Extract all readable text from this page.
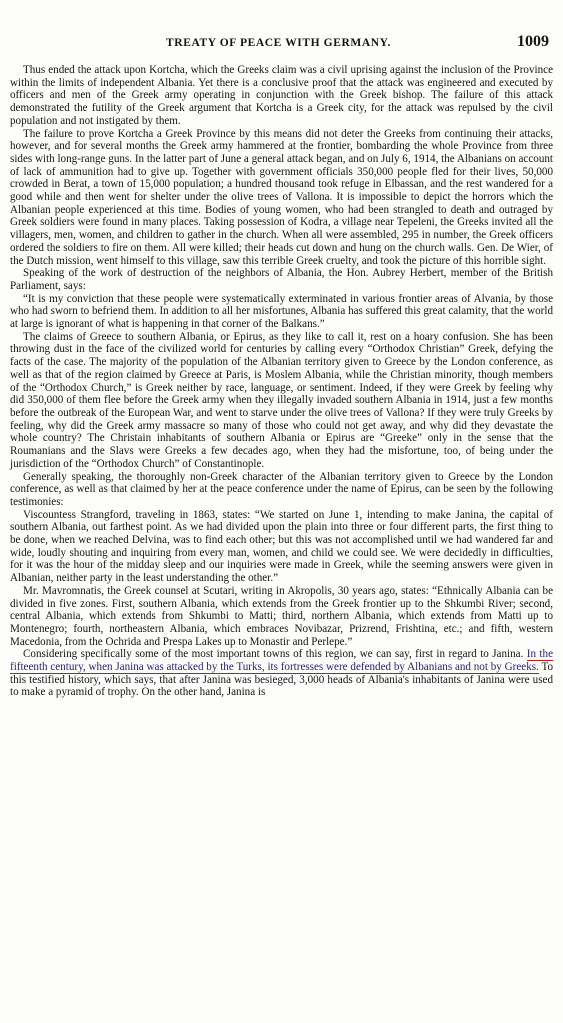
TREATY OF PEACE WITH GERMANY.	1009

Thus ended the attack upon Kortcha, which the Greeks claim was a civil uprising against the inclusion of the Province within the limits of independent Albania. Yet there is a conclusive proof that the attack was engineered and executed by officers and men of the Greek army operating in conjunction with the Greek bishop. The failure of this attack demonstrated the futility of the Greek argument that Kortcha is a Greek city, for the attack was repulsed by the civil population and not instigated by them.

The failure to prove Kortcha a Greek Province by this means did not deter the Greeks from continuing their attacks, however, and for several months the Greek army hammered at the frontier, bombarding the whole Province from three sides with long-range guns. In the latter part of June a general attack began, and on July 6, 1914, the Albanians on account of lack of ammunition had to give up. Together with government officials 350,000 people fled for their lives, 50,000 crowded in Berat, a town of 15,000 population; a hundred thousand took refuge in Elbassan, and the rest wandered for a good while and then went for shelter under the olive trees of Vallona. It is impossible to depict the horrors which the Albanian people experienced at this time. Bodies of young women, who had been strangled to death and outraged by Greek soldiers were found in many places. Taking possession of Kodra, a village near Tepeleni, the Greeks invited all the villagers, men, women, and children to gather in the church. When all were assembled, 295 in number, the Greek officers ordered the soldiers to fire on them. All were killed; their heads cut down and hung on the church walls. Gen. De Wier, of the Dutch mission, went himself to this village, saw this terrible Greek cruelty, and took the picture of this horrible sight.

Speaking of the work of destruction of the neighbors of Albania, the Hon. Aubrey Herbert, member of the British Parliament, says:

“It is my conviction that these people were systematically exterminated in various frontier areas of Alvania, by those who had sworn to befriend them. In addition to all her misfortunes, Albania has suffered this great calamity, that the world at large is ignorant of what is happening in that corner of the Balkans.”

The claims of Greece to southern Albania, or Epirus, as they like to call it, rest on a hoary confusion. She has been throwing dust in the face of the civilized world for centuries by calling every “Orthodox Christian” Greek, defying the facts of the case. The majority of the population of the Albanian territory given to Greece by the London conference, as well as that of the region claimed by Greece at Paris, is Moslem Albania, while the Christian minority, though members of the “Orthodox Church,” is Greek neither by race, language, or sentiment. Indeed, if they were Greek by feeling why did 350,000 of them flee before the Greek army when they illegally invaded southern Albania in 1914, just a few months before the outbreak of the European War, and went to starve under the olive trees of Vallona? If they were truly Greeks by feeling, why did the Greek army massacre so many of those who could not get away, and why did they devastate the whole country? The Christain inhabitants of southern Albania or Epirus are “Greeke” only in the sense that the Roumanians and the Slavs were Greeks a few decades ago, when they had the misfortune, too, of being under the jurisdiction of the “Orthodox Church” of Constantinople.

Generally speaking, the thoroughly non-Greek character of the Albanian territory given to Greece by the London conference, as well as that claimed by her at the peace conference under the name of Epirus, can be seen by the following testimonies:

Viscountess Strangford, traveling in 1863, states: “We started on June 1, intending to make Janina, the capital of southern Albania, out farthest point. As we had divided upon the plain into three or four different parts, the first thing to be done, when we reached Delvina, was to find each other; but this was not accomplished until we had wandered far and wide, loudly shouting and inquiring from every man, women, and child we could see. We were decidedly in difficulties, for it was the hour of the midday sleep and our inquiries were made in Greek, while the seeming answers were given in Albanian, neither party in the least understanding the other.”

Mr. Mavromnatis, the Greek counsel at Scutari, writing in Akropolis, 30 years ago, states: “Ethnically Albania can be divided in five zones. First, southern Albania, which extends from the Greek frontier up to the Shkumbi River; second, central Albania, which extends from Shkumbi to Matti; third, northern Albania, which extends from Matti up to Montenegro; fourth, northeastern Albania, which embraces Novibazar, Prizrend, Frishtina, etc.; and fifth, western Macedonia, from the Ochrida and Prespa Lakes up to Monastir and Perlepe.”

Considering specifically some of the most important towns of this region, we can say, first in regard to Janina. In the fifteenth century, when Janina was attacked by the Turks, its fortresses were defended by Albanians and not by Greeks. To this testified history, which says, that after Janina was besieged, 3,000 heads of Albania's inhabitants of Janina were used to make a pyramid of trophy. On the other hand, Janina is
